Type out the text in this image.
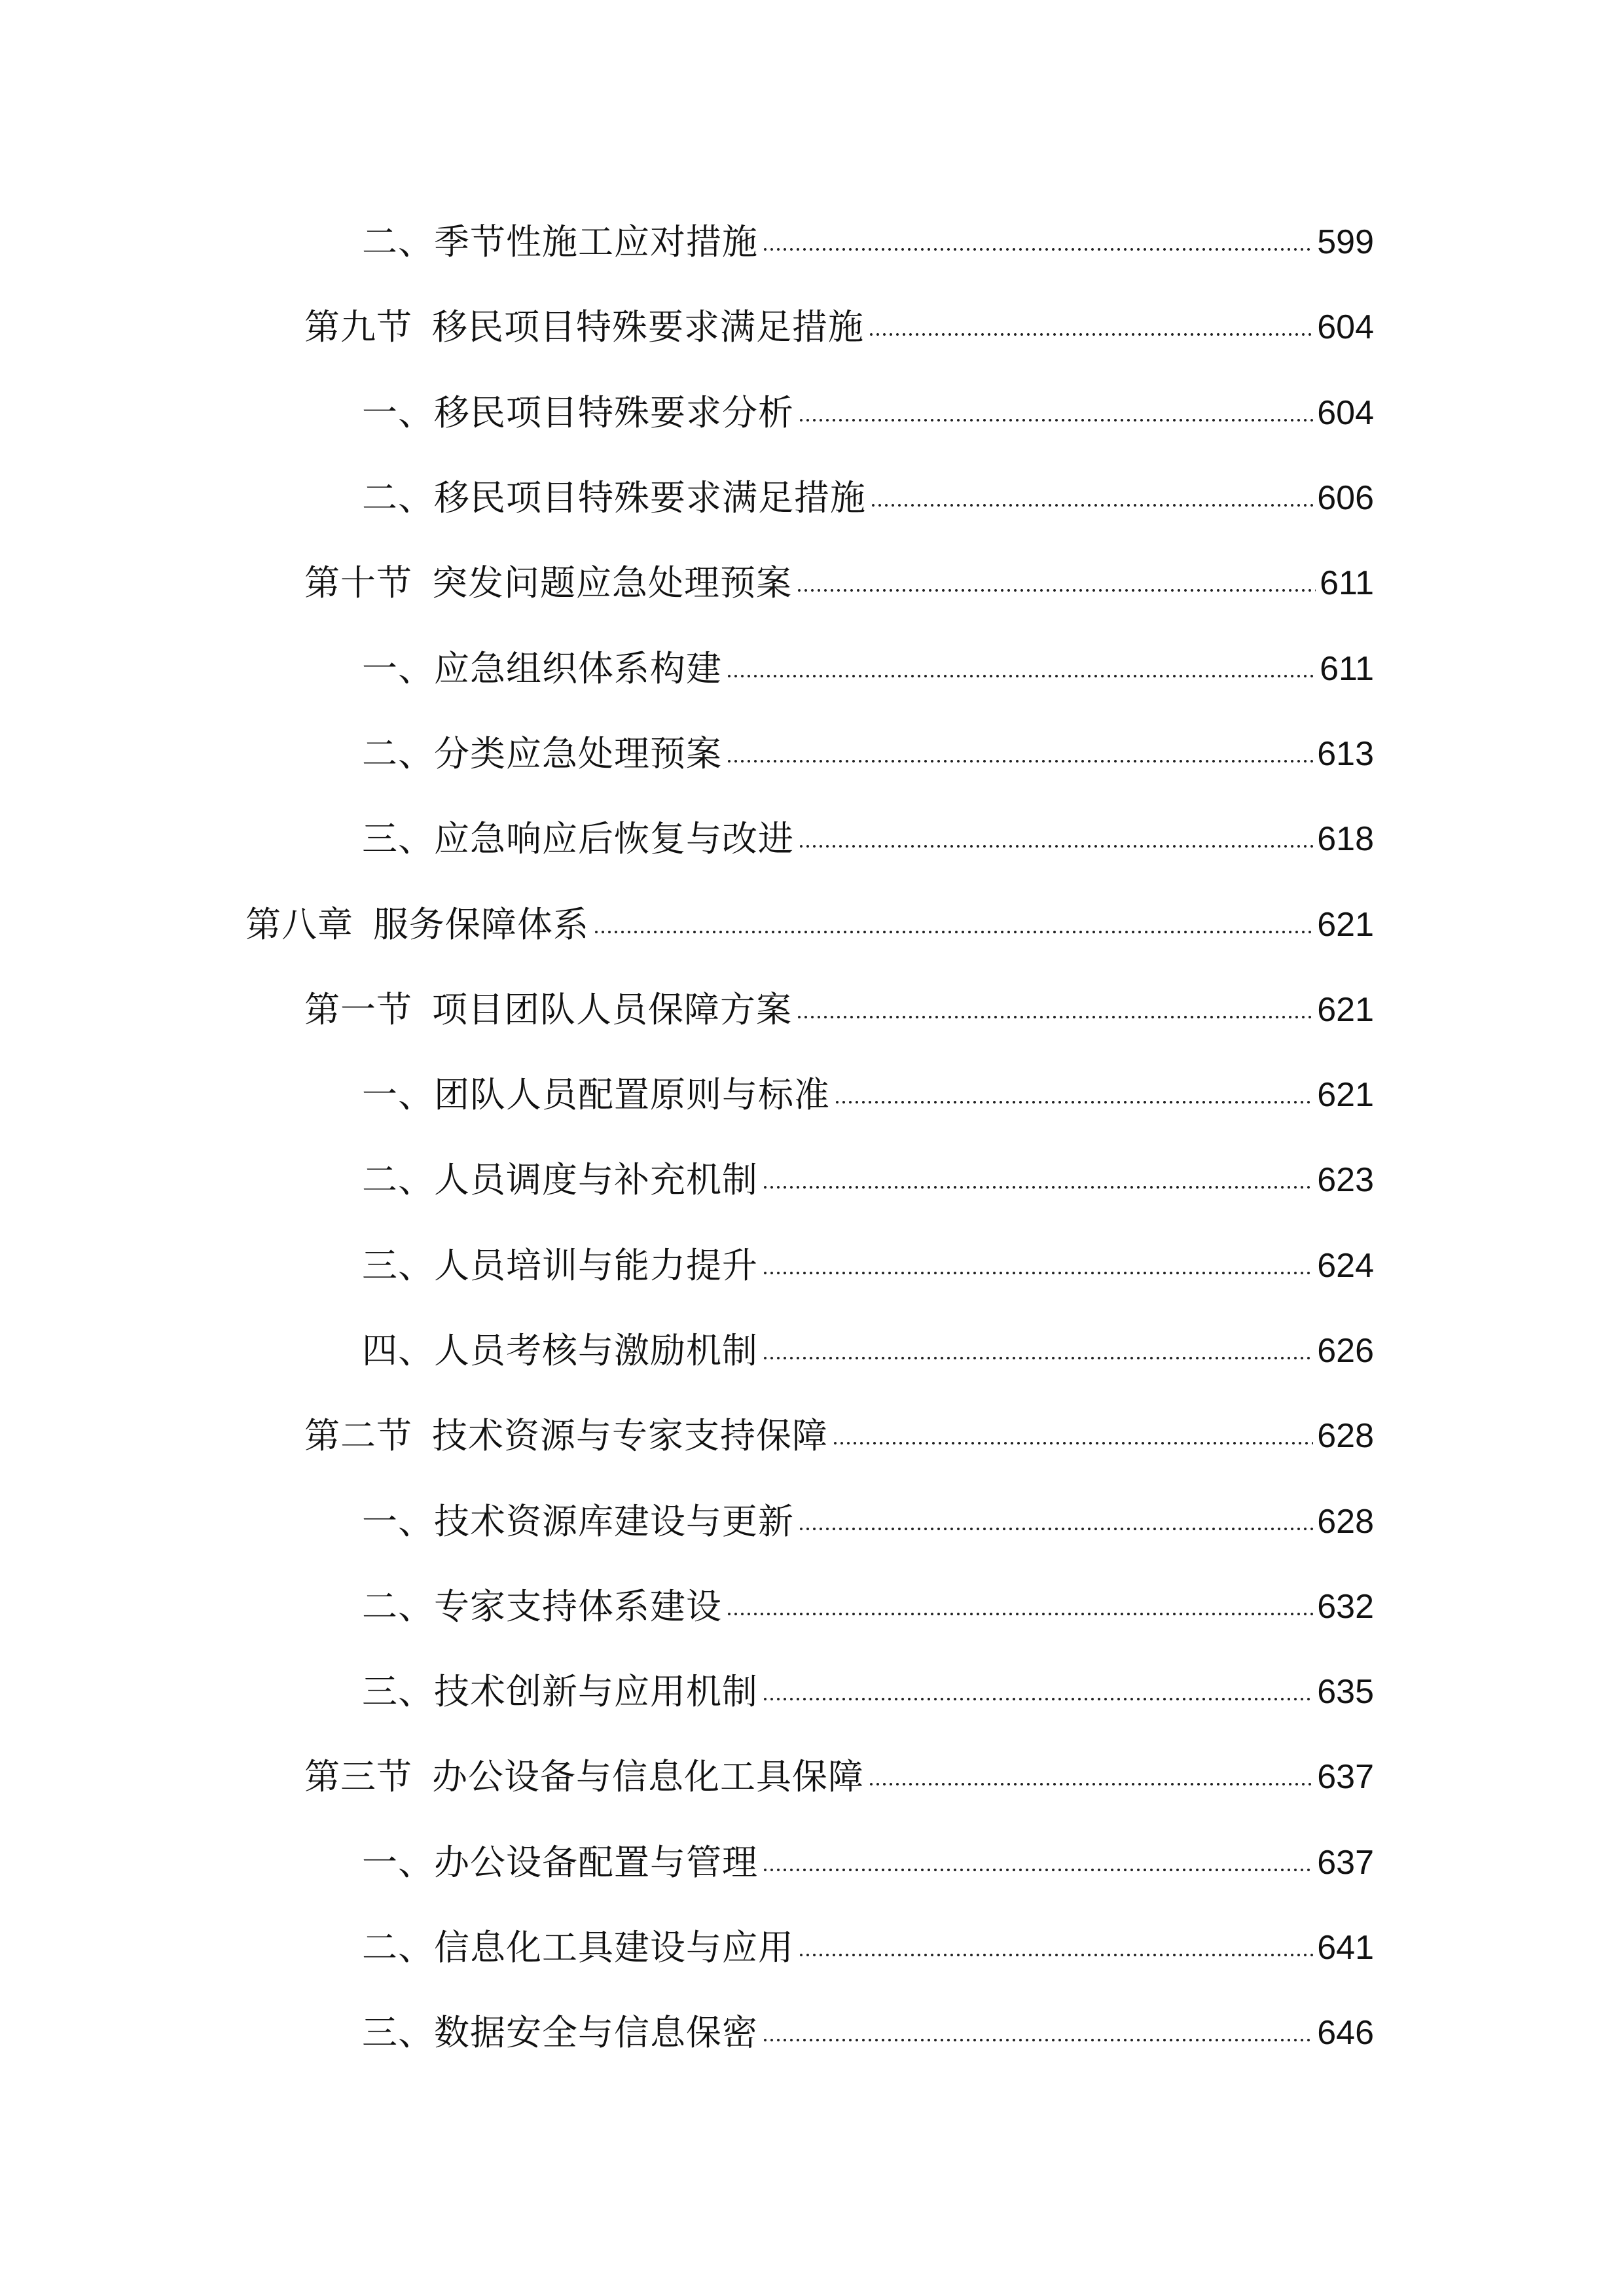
二、季节性施工应对措施	599
第九节 移民项目特殊要求满足措施	604
一、移民项目特殊要求分析	604
二、移民项目特殊要求满足措施	606
第十节 突发问题应急处理预案	611
一、应急组织体系构建	611
二、分类应急处理预案	613
三、应急响应后恢复与改进	618
第八章 服务保障体系	621
第一节 项目团队人员保障方案	621
一、团队人员配置原则与标准	621
二、人员调度与补充机制	623
三、人员培训与能力提升	624
四、人员考核与激励机制	626
第二节 技术资源与专家支持保障	628
一、技术资源库建设与更新	628
二、专家支持体系建设	632
三、技术创新与应用机制	635
第三节 办公设备与信息化工具保障	637
一、办公设备配置与管理	637
二、信息化工具建设与应用	641
三、数据安全与信息保密	646
